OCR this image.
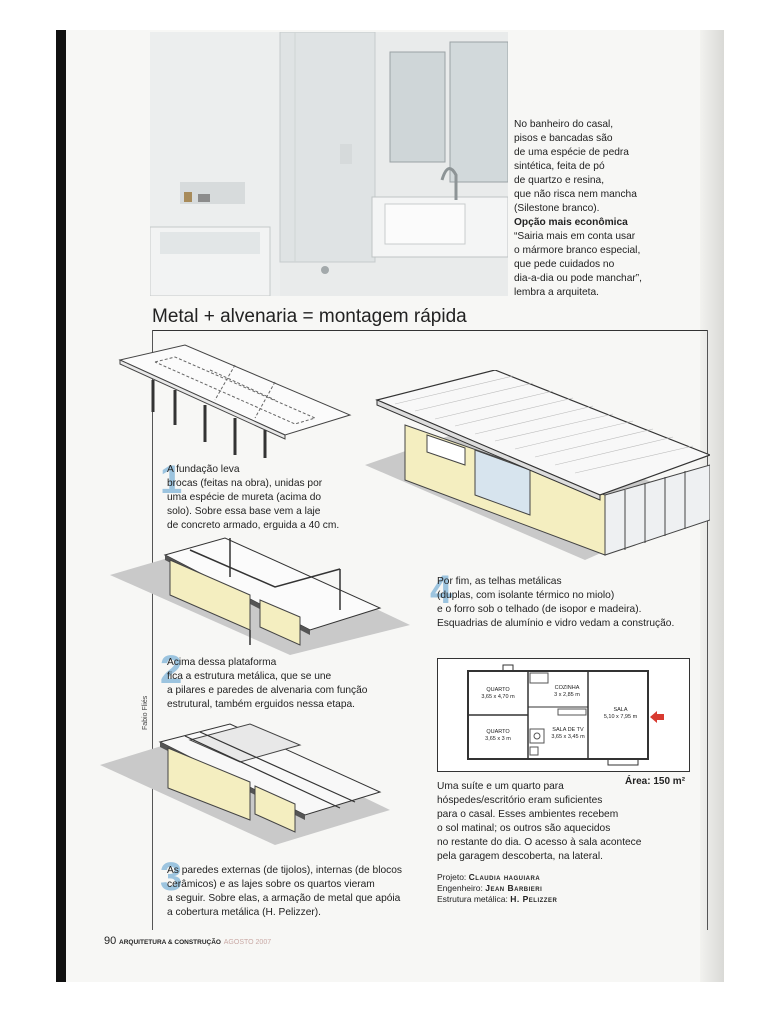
No banheiro do casal,

pisos e bancadas são

de uma espécie de pedra

sintética, feita de pó

de quartzo e resina,

que não risca nem mancha

(Silestone branco).

Opção mais econômica

“Sairia mais em conta usar

o mármore branco especial,

que pede cuidados no

dia-a-dia ou pode manchar”,

lembra a arquiteta.

Metal + alvenaria = montagem rápida
1

A fundação leva

brocas (feitas na obra), unidas por

uma espécie de mureta (acima do

solo). Sobre essa base vem a laje

de concreto armado, erguida a 40 cm.

4

Por fim, as telhas metálicas

(duplas, com isolante térmico no miolo)

e o forro sob o telhado (de isopor e madeira).

Esquadrias de alumínio e vidro vedam a construção.

2

Acima dessa plataforma

fica a estrutura metálica, que se une

a pilares e paredes de alvenaria com função

estrutural, também erguidos nessa etapa.

3

As paredes externas (de tijolos), internas (de blocos

cerâmicos) e as lajes sobre os quartos vieram

a seguir. Sobre elas, a armação de metal que apóia

a cobertura metálica (H. Pelizzer).

Fabio Fliés
QUARTO
3,65 x 4,70 m
COZINHA
3 x 2,85 m
SALA
5,10 x 7,95 m
QUARTO
3,65 x 3 m
SALA DE TV
3,65 x 3,45 m
Área: 150 m²

Uma suíte e um quarto para

hóspedes/escritório eram suficientes

para o casal. Esses ambientes recebem

o sol matinal; os outros são aquecidos

no restante do dia. O acesso à sala acontece

pela garagem descoberta, na lateral.

Projeto: Claudia haguiara
Engenheiro: Jean Barbieri
Estrutura metálica: H. Pelizzer
90 ARQUITETURA & CONSTRUÇÃO AGOSTO 2007
